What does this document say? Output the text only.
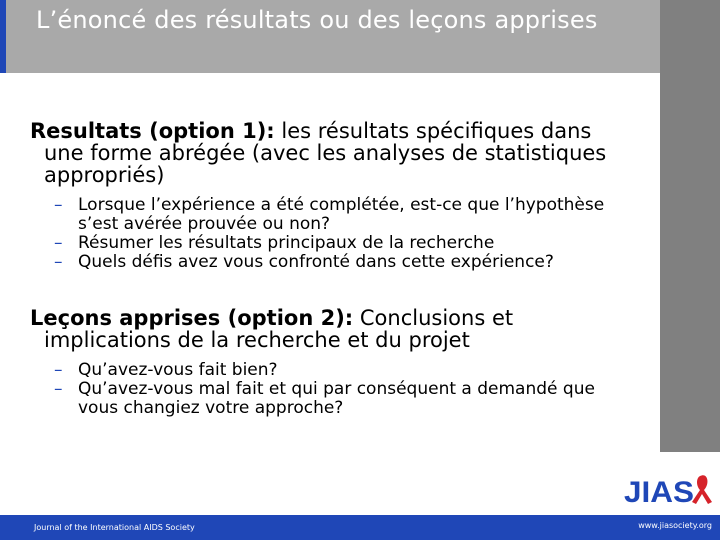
L’énoncé des résultats ou des leçons apprises

Resultats (option 1): les résultats spécifiques dans une forme abrégée (avec les analyses de statistiques appropriés)

– Lorsque l’expérience a été complétée, est-ce que l’hypothèse s’est avérée prouvée ou non?
– Résumer les résultats principaux de la recherche
– Quels défis avez vous confronté dans cette expérience?

Leçons apprises (option 2): Conclusions et implications de la recherche et du projet

– Qu’avez-vous fait bien?
– Qu’avez-vous mal fait et qui par conséquent a demandé que vous changiez votre approche?
JIAS
Journal of the International AIDS Society	www.jiasociety.org
